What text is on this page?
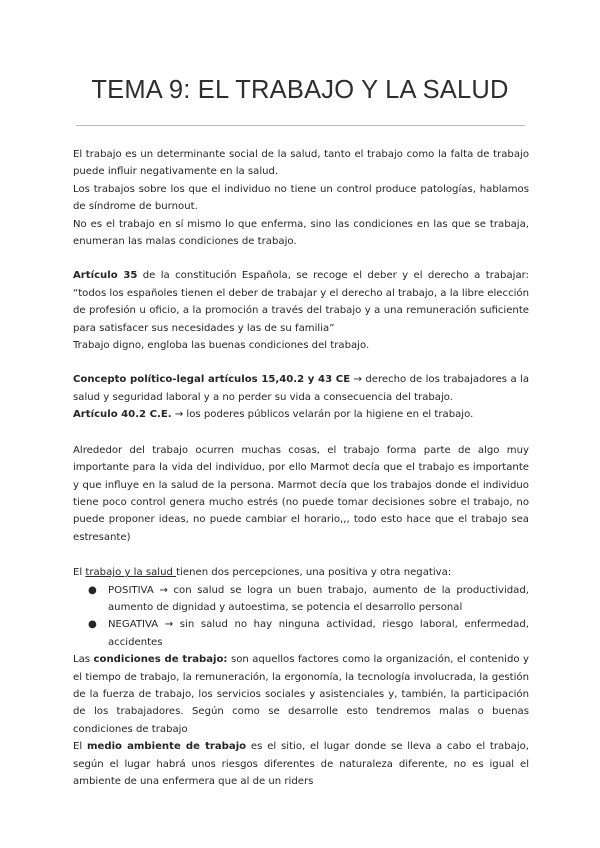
TEMA 9: EL TRABAJO Y LA SALUD

El trabajo es un determinante social de la salud, tanto el trabajo como la falta de trabajo puede influir negativamente en la salud.

Los trabajos sobre los que el individuo no tiene un control produce patologías, hablamos de síndrome de burnout.

No es el trabajo en sí mismo lo que enferma, sino las condiciones en las que se trabaja, enumeran las malas condiciones de trabajo.

Artículo 35 de la constitución Española, se recoge el deber y el derecho a trabajar: “todos los españoles tienen el deber de trabajar y el derecho al trabajo, a la libre elección de profesión u oficio, a la promoción a través del trabajo y a una remuneración suficiente para satisfacer sus necesidades y las de su familia”

Trabajo digno, engloba las buenas condiciones del trabajo.

Concepto político-legal artículos 15,40.2 y 43 CE → derecho de los trabajadores a la salud y seguridad laboral y a no perder su vida a consecuencia del trabajo.

Artículo 40.2 C.E. → los poderes públicos velarán por la higiene en el trabajo.

Alrededor del trabajo ocurren muchas cosas, el trabajo forma parte de algo muy importante para la vida del individuo, por ello Marmot decía que el trabajo es importante y que influye en la salud de la persona. Marmot decía que los trabajos donde el individuo tiene poco control genera mucho estrés (no puede tomar decisiones sobre el trabajo, no puede proponer ideas, no puede cambiar el horario,,, todo esto hace que el trabajo sea estresante)

El trabajo y la salud tienen dos percepciones, una positiva y otra negativa:

● POSITIVA → con salud se logra un buen trabajo, aumento de la productividad, aumento de dignidad y autoestima, se potencia el desarrollo personal
● NEGATIVA → sin salud no hay ninguna actividad, riesgo laboral, enfermedad, accidentes

Las condiciones de trabajo: son aquellos factores como la organización, el contenido y el tiempo de trabajo, la remuneración, la ergonomía, la tecnología involucrada, la gestión de la fuerza de trabajo, los servicios sociales y asistenciales y, también, la participación de los trabajadores. Según como se desarrolle esto tendremos malas o buenas condiciones de trabajo

El medio ambiente de trabajo es el sitio, el lugar donde se lleva a cabo el trabajo, según el lugar habrá unos riesgos diferentes de naturaleza diferente, no es igual el ambiente de una enfermera que al de un riders
